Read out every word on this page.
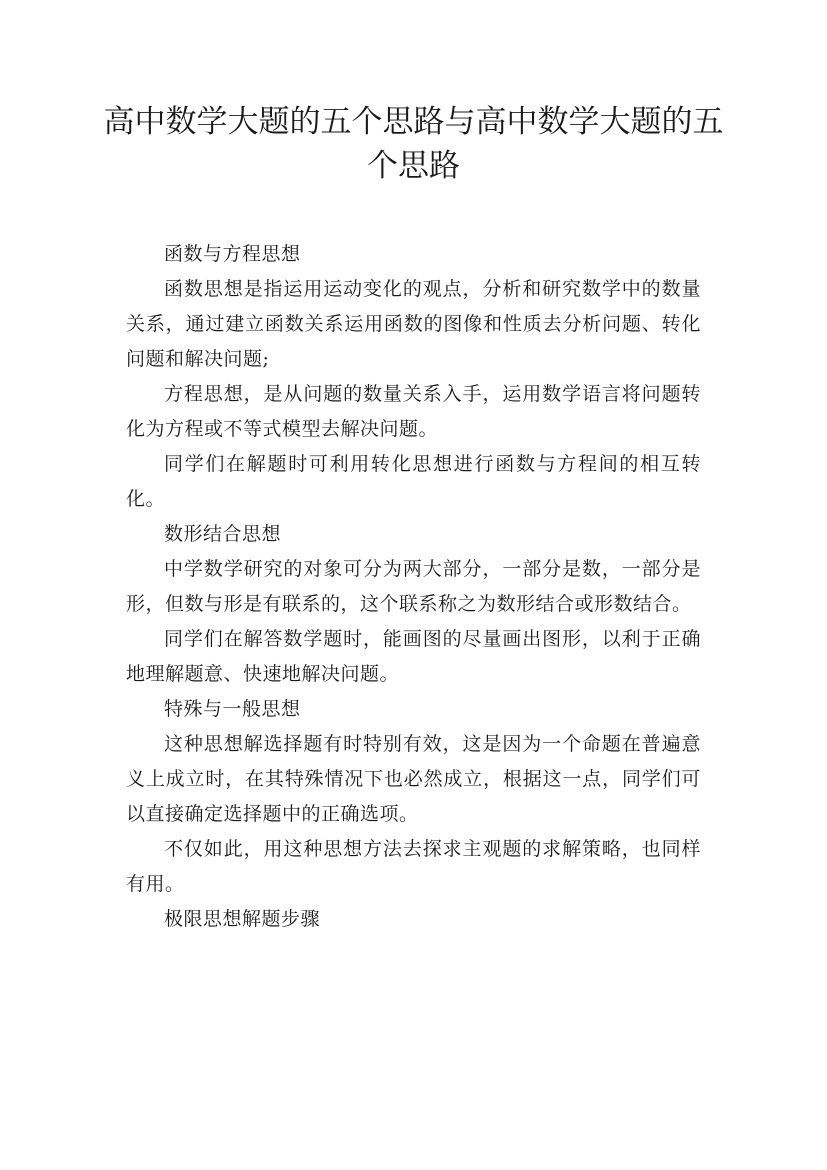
高中数学大题的五个思路与高中数学大题的五个思路

函数与方程思想

函数思想是指运用运动变化的观点，分析和研究数学中的数量关系，通过建立函数关系运用函数的图像和性质去分析问题、转化问题和解决问题;

方程思想，是从问题的数量关系入手，运用数学语言将问题转化为方程或不等式模型去解决问题。

同学们在解题时可利用转化思想进行函数与方程间的相互转化。

数形结合思想

中学数学研究的对象可分为两大部分，一部分是数，一部分是形，但数与形是有联系的，这个联系称之为数形结合或形数结合。

同学们在解答数学题时，能画图的尽量画出图形，以利于正确地理解题意、快速地解决问题。

特殊与一般思想

这种思想解选择题有时特别有效，这是因为一个命题在普遍意义上成立时，在其特殊情况下也必然成立，根据这一点，同学们可以直接确定选择题中的正确选项。

不仅如此，用这种思想方法去探求主观题的求解策略，也同样有用。

极限思想解题步骤
